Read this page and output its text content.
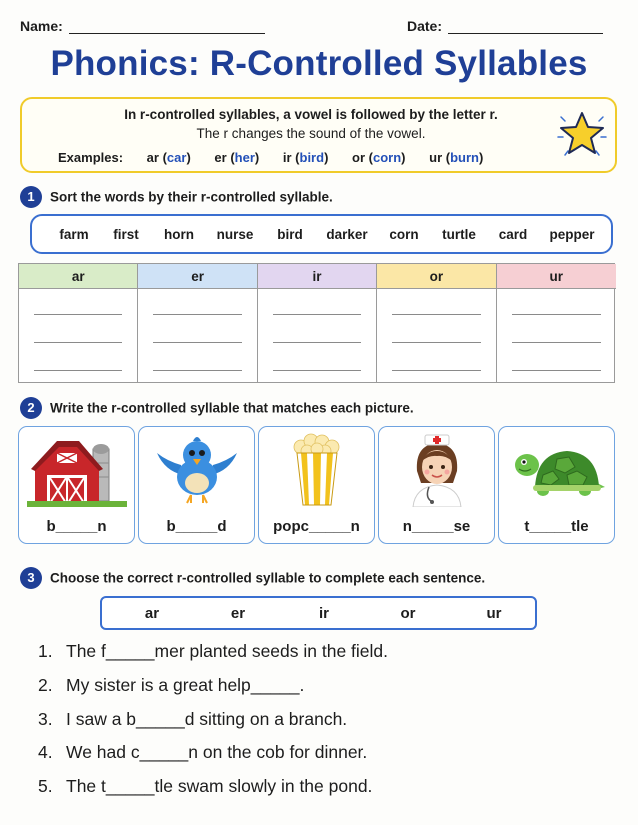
Name:	Date:
Phonics: R-Controlled Syllables
In r-controlled syllables, a vowel is followed by the letter r.
The r changes the sound of the vowel.
Examples: ar (car) er (her) ir (bird) or (corn) ur (burn)
1 Sort the words by their r-controlled syllable.
farm first horn nurse bird darker corn turtle card pepper
ar	er	ir	or	ur
2 Write the r-controlled syllable that matches each picture.
b_____n	b_____d	popc_____n	n_____se	t_____tle
3 Choose the correct r-controlled syllable to complete each sentence.
ar	er	ir	or	ur
1. The f_____mer planted seeds in the field.
2. My sister is a great help_____.
3. I saw a b_____d sitting on a branch.
4. We had c_____n on the cob for dinner.
5. The t_____tle swam slowly in the pond.
